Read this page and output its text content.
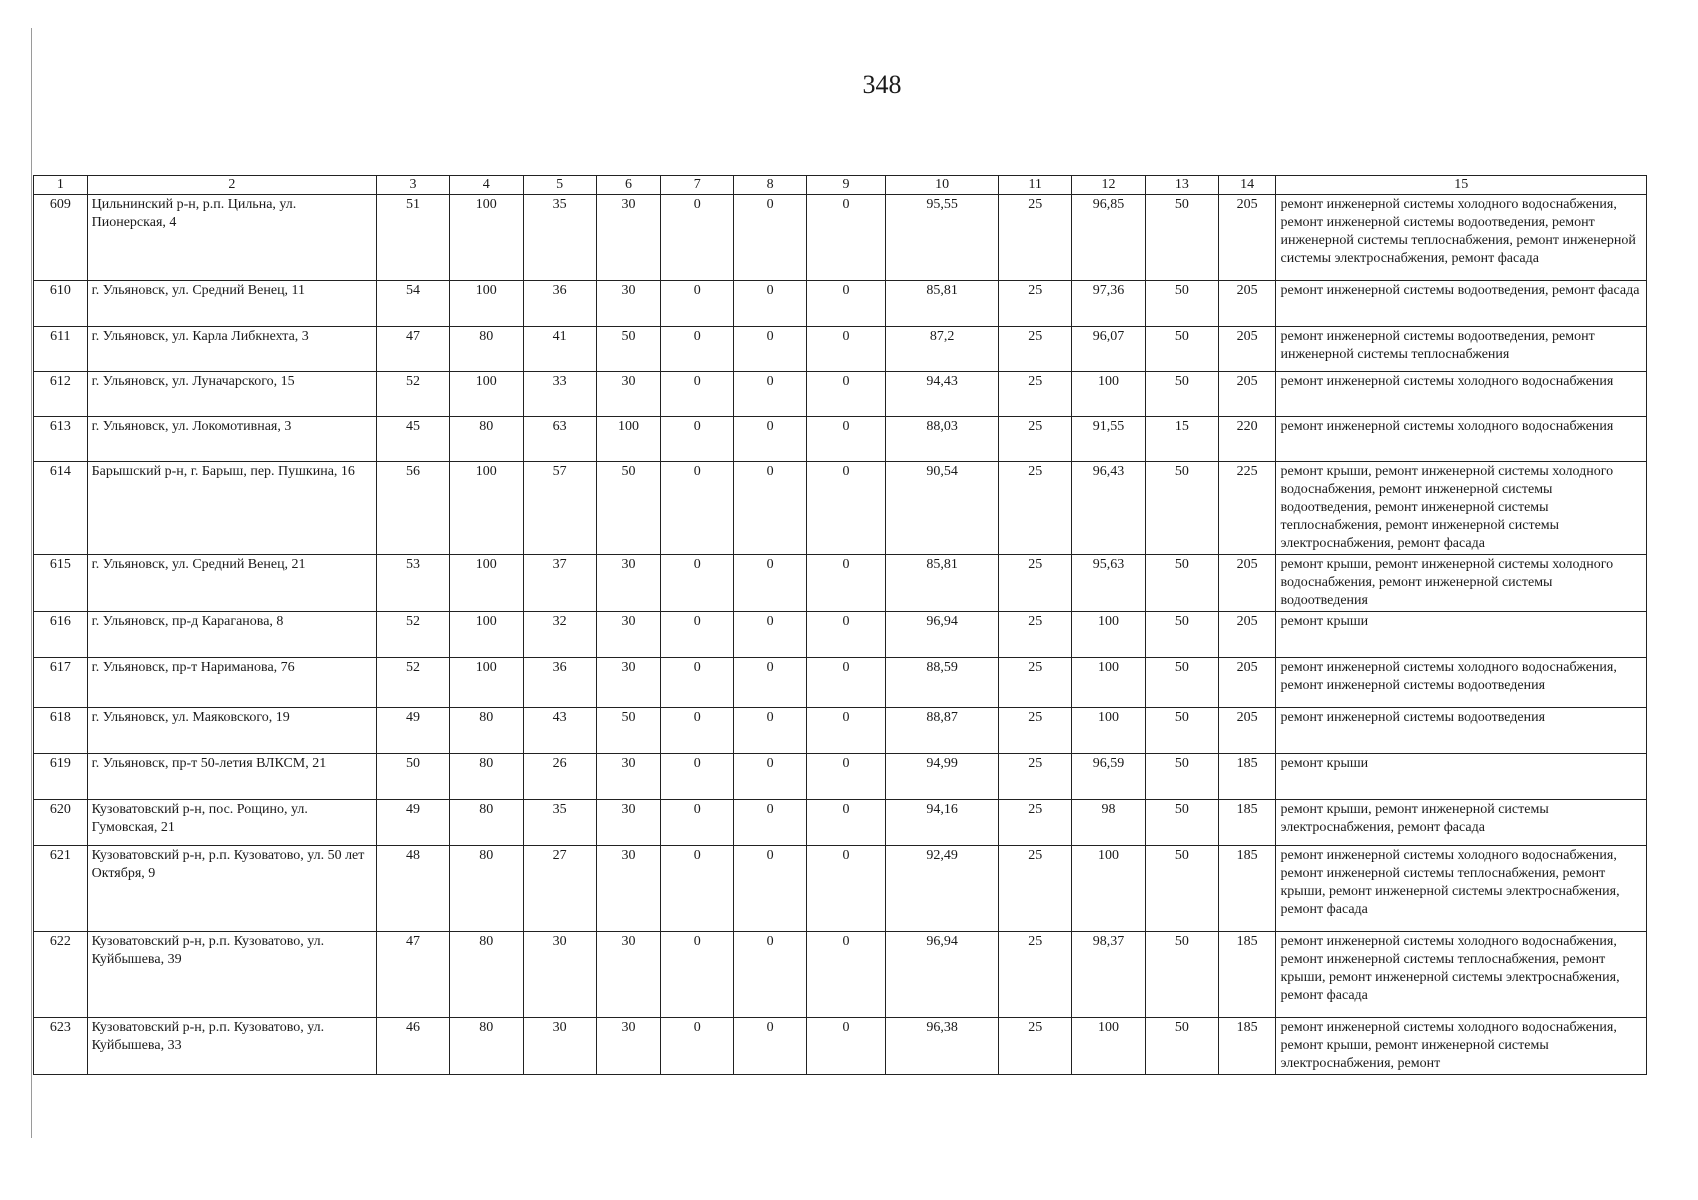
348
1	2	3	4	5	6	7	8	9	10	11	12	13	14	15
609	Цильнинский р-н, р.п. Цильна, ул. Пионерская, 4	51	100	35	30	0	0	0	95,55	25	96,85	50	205	ремонт инженерной системы холодного водоснабжения, ремонт инженерной системы водоотведения, ремонт инженерной системы теплоснабжения, ремонт инженерной системы электроснабжения, ремонт фасада
610	г. Ульяновск, ул. Средний Венец, 11	54	100	36	30	0	0	0	85,81	25	97,36	50	205	ремонт инженерной системы водоотведения, ремонт фасада
611	г. Ульяновск, ул. Карла Либкнехта, 3	47	80	41	50	0	0	0	87,2	25	96,07	50	205	ремонт инженерной системы водоотведения, ремонт инженерной системы теплоснабжения
612	г. Ульяновск, ул. Луначарского, 15	52	100	33	30	0	0	0	94,43	25	100	50	205	ремонт инженерной системы холодного водоснабжения
613	г. Ульяновск, ул. Локомотивная, 3	45	80	63	100	0	0	0	88,03	25	91,55	15	220	ремонт инженерной системы холодного водоснабжения
614	Барышский р-н, г. Барыш, пер. Пушкина, 16	56	100	57	50	0	0	0	90,54	25	96,43	50	225	ремонт крыши, ремонт инженерной системы холодного водоснабжения, ремонт инженерной системы водоотведения, ремонт инженерной системы теплоснабжения, ремонт инженерной системы электроснабжения, ремонт фасада
615	г. Ульяновск, ул. Средний Венец, 21	53	100	37	30	0	0	0	85,81	25	95,63	50	205	ремонт крыши, ремонт инженерной системы холодного водоснабжения, ремонт инженерной системы водоотведения
616	г. Ульяновск, пр-д Караганова, 8	52	100	32	30	0	0	0	96,94	25	100	50	205	ремонт крыши
617	г. Ульяновск, пр-т Нариманова, 76	52	100	36	30	0	0	0	88,59	25	100	50	205	ремонт инженерной системы холодного водоснабжения, ремонт инженерной системы водоотведения
618	г. Ульяновск, ул. Маяковского, 19	49	80	43	50	0	0	0	88,87	25	100	50	205	ремонт инженерной системы водоотведения
619	г. Ульяновск, пр-т 50-летия ВЛКСМ, 21	50	80	26	30	0	0	0	94,99	25	96,59	50	185	ремонт крыши
620	Кузоватовский р-н, пос. Рощино, ул. Гумовская, 21	49	80	35	30	0	0	0	94,16	25	98	50	185	ремонт крыши, ремонт инженерной системы электроснабжения, ремонт фасада
621	Кузоватовский р-н, р.п. Кузоватово, ул. 50 лет Октября, 9	48	80	27	30	0	0	0	92,49	25	100	50	185	ремонт инженерной системы холодного водоснабжения, ремонт инженерной системы теплоснабжения, ремонт крыши, ремонт инженерной системы электроснабжения, ремонт фасада
622	Кузоватовский р-н, р.п. Кузоватово, ул. Куйбышева, 39	47	80	30	30	0	0	0	96,94	25	98,37	50	185	ремонт инженерной системы холодного водоснабжения, ремонт инженерной системы теплоснабжения, ремонт крыши, ремонт инженерной системы электроснабжения, ремонт фасада
623	Кузоватовский р-н, р.п. Кузоватово, ул. Куйбышева, 33	46	80	30	30	0	0	0	96,38	25	100	50	185	ремонт инженерной системы холодного водоснабжения, ремонт крыши, ремонт инженерной системы электроснабжения, ремонт
